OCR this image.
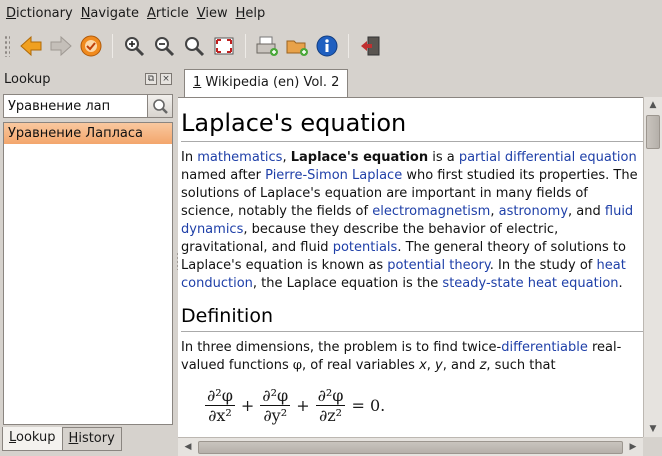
Dictionary Navigate Article View Help
Lookup	⧉ ×
Уравнение лап
Уравнение Лапласа
Lookup	History
1 Wikipedia (en) Vol. 2
Laplace's equation

In mathematics, Laplace's equation is a partial differential equation named after Pierre-Simon Laplace who first studied its properties. The solutions of Laplace's equation are important in many fields of science, notably the fields of electromagnetism, astronomy, and fluid dynamics, because they describe the behavior of electric, gravitational, and fluid potentials. The general theory of solutions to Laplace's equation is known as potential theory. In the study of heat conduction, the Laplace equation is the steady-state heat equation.

Definition

In three dimensions, the problem is to find twice-differentiable real-valued functions φ, of real variables x, y, and z, such that

$\frac{\text{∂²φ}}{\text{∂x²}} + \frac{\text{∂²φ}}{\text{∂y²}} + \frac{\text{∂²φ}}{\text{∂z²}} = 0$.

▲
▼
◀	▶
